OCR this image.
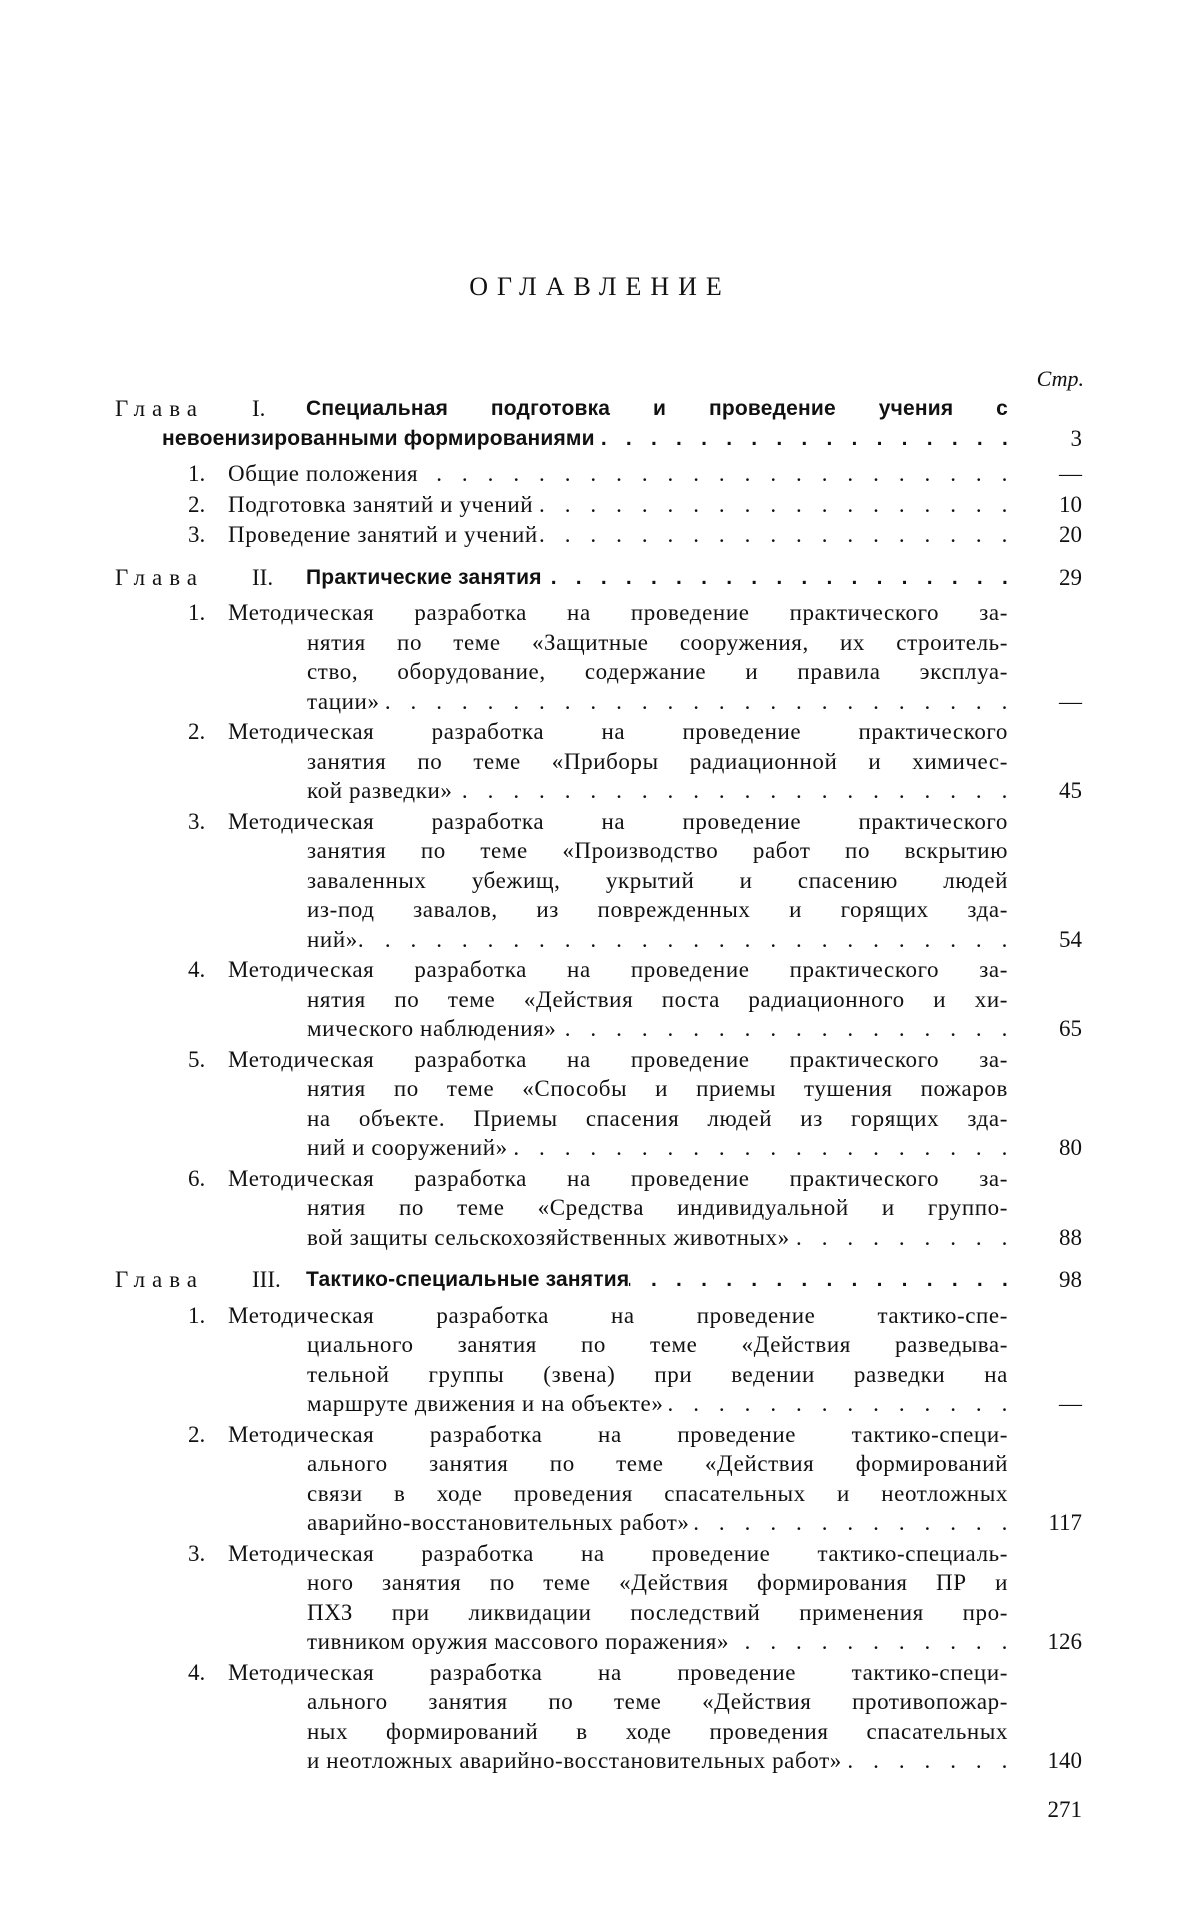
ОГЛАВЛЕНИЕ
Стр.
Специальная подготовка и проведение учения с
Глава I.
невоенизированными формированиями
. . .	3
Общие положения
. . .	—
1.
Подготовка занятий и учений
. . .	10
2.
Проведение занятий и учений
. . .	20
3.
Практические занятия
. . .	29
Глава II.
Методическая разработка на проведение практического за-
1.
нятия по теме «Защитные сооружения, их строитель-
ство, оборудование, содержание и правила эксплуа-
тации»
. . .	—
Методическая разработка на проведение практического
2.
занятия по теме «Приборы радиационной и химичес-
кой разведки»
. . .	45
Методическая разработка на проведение практического
3.
занятия по теме «Производство работ по вскрытию
заваленных убежищ, укрытий и спасению людей
из-под завалов, из поврежденных и горящих зда-
ний».
. . .	54
Методическая разработка на проведение практического за-
4.
нятия по теме «Действия поста радиационного и хи-
мического наблюдения»
. . .	65
Методическая разработка на проведение практического за-
5.
нятия по теме «Способы и приемы тушения пожаров
на объекте. Приемы спасения людей из горящих зда-
ний и сооружений»
. . .	80
Методическая разработка на проведение практического за-
6.
нятия по теме «Средства индивидуальной и группо-
вой защиты сельскохозяйственных животных»
. . .	88
Тактико-специальные занятия
. . .	98
Глава III.
Методическая разработка на проведение тактико-спе-
1.
циального занятия по теме «Действия разведыва-
тельной группы (звена) при ведении разведки на
маршруте движения и на объекте»
. . .	—
Методическая разработка на проведение тактико-специ-
2.
ального занятия по теме «Действия формирований
связи в ходе проведения спасательных и неотложных
аварийно-восстановительных работ»
. . .	117
Методическая разработка на проведение тактико-специаль-
3.
ного занятия по теме «Действия формирования ПР и
ПХЗ при ликвидации последствий применения про-
тивником оружия массового поражения»
. . .	126
Методическая разработка на проведение тактико-специ-
4.
ального занятия по теме «Действия противопожар-
ных формирований в ходе проведения спасательных
и неотложных аварийно-восстановительных работ»
. . .	140
271
